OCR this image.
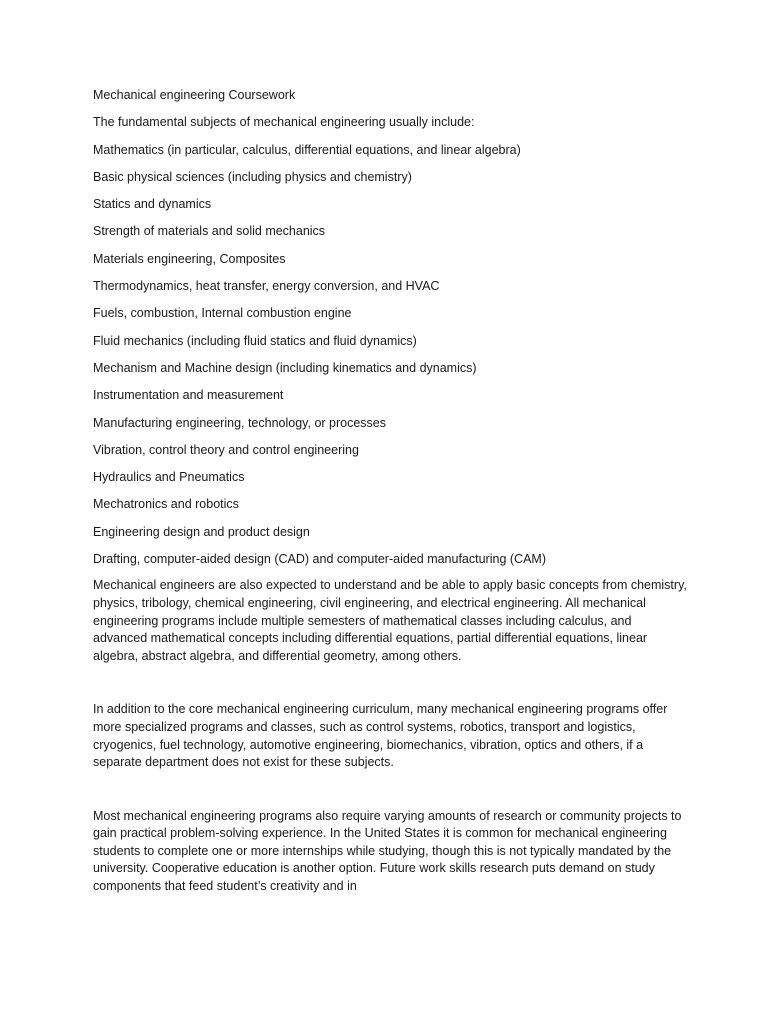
Mechanical engineering Coursework
The fundamental subjects of mechanical engineering usually include:
Mathematics (in particular, calculus, differential equations, and linear algebra)
Basic physical sciences (including physics and chemistry)
Statics and dynamics
Strength of materials and solid mechanics
Materials engineering, Composites
Thermodynamics, heat transfer, energy conversion, and HVAC
Fuels, combustion, Internal combustion engine
Fluid mechanics (including fluid statics and fluid dynamics)
Mechanism and Machine design (including kinematics and dynamics)
Instrumentation and measurement
Manufacturing engineering, technology, or processes
Vibration, control theory and control engineering
Hydraulics and Pneumatics
Mechatronics and robotics
Engineering design and product design
Drafting, computer-aided design (CAD) and computer-aided manufacturing (CAM)

Mechanical engineers are also expected to understand and be able to apply basic concepts from chemistry, physics, tribology, chemical engineering, civil engineering, and electrical engineering. All mechanical engineering programs include multiple semesters of mathematical classes including calculus, and advanced mathematical concepts including differential equations, partial differential equations, linear algebra, abstract algebra, and differential geometry, among others.

In addition to the core mechanical engineering curriculum, many mechanical engineering programs offer more specialized programs and classes, such as control systems, robotics, transport and logistics, cryogenics, fuel technology, automotive engineering, biomechanics, vibration, optics and others, if a separate department does not exist for these subjects.

Most mechanical engineering programs also require varying amounts of research or community projects to gain practical problem-solving experience. In the United States it is common for mechanical engineering students to complete one or more internships while studying, though this is not typically mandated by the university. Cooperative education is another option. Future work skills research puts demand on study components that feed student’s creativity and in
